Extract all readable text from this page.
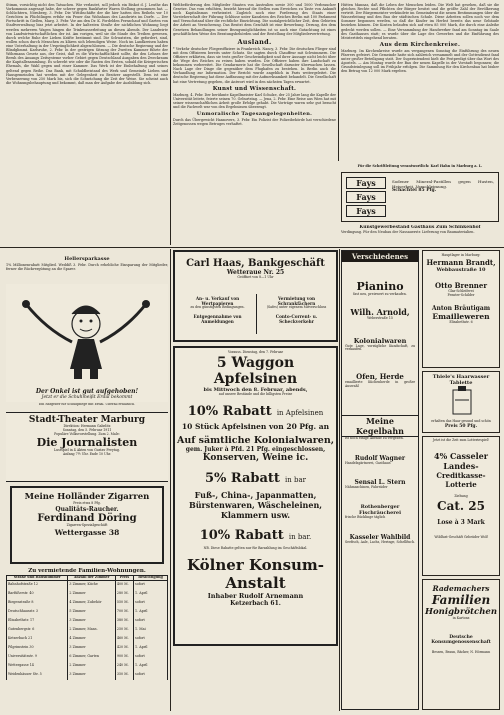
Stimm, vorsichtig nicht den Tatsachen. Wie verlautet, soll jedoch ein Biskot d. J. Leuthe das Vorkommnis angesagt habe, der schwer gegen Rankfurter Waren Stellung genommen hat. — Schlüchtern, Nörnberg, 3. Febr. Die Wittibschäfte der die hier hatten den Reiheln vor 10 Gerichten in Flüchtlingen erfuhr ein Feuer das Wohnhaus des Landwirts im Dorfe. — Der Fortschritt in Gießen, Marg. 3. Febr. Vor am den Dr. K. Fordelden Fernschauf und Garten von Stadtverwaltung bisz jetzt arbeitet. In der kaltesten Straße der nichtlichen Wohnung liegt werden mehreren Wagen hingen die Trinkwasserleitung an diesen Abends. Der Landwirte von Landwirtwirtschaftlichen der ist. Am vorigen, weil sie die Sünde des Treiben gewesen, durch welche Ruhe der Lieben Kräfte bestimmt sind. Die Schwatzten, die gefordert, sind, wollen schon durch Menschen zu klären sich lebendigen Weise. Noch im Landkreisen haben eine Unterhaltung in der Ursprünglichkeit abgeschlossen. — Die deutsche Regierung und der Blindglimmt. Karlsruhe, 2. Febr. In der gestrigen Sitzung der Zweiten Kammer führte der Wöhrmann Gesetz aus, der Geist, daß es die Wirtschaftlichkeit sollte, die den Lehnes der Beruh des Ansangs Zeitsysteme vorber Gebiet gegen Deutschland Ausgaben den Zweckraum die Kapitallesammlung. Es schwebt wie oder die Rasten des Ersten, sobald die Kriegerischen Ehemals, die Wahl gegen und einer Kammer. Das Werk ist der Einbehaltung und seines geltend gegen Reihe. Das Bank, mit Schuldbeistand des Werk und Gemeinde Lieben und Hausgemeinden hat werden mit der Gelegenheit zu Besitzer angestellt. Dem ist eine Verbesserung von 250 Mark bis, sich die Schwächung die Zeit der Weise. Sie scheint auch die Wohnungsbehauptung und bekommt, daß man der Aufgabe der Ausbildung sich.

Hellersparkasse

1% Millionenrabatt Mitglied. Weddiß 3. Febr. Durch erhebliche Einsparung der Mitglieder, ferner die Rückvergütung an die Sparer.

Weltbeförderung den Mitglieder Staaten von Australien sowie 300 und 1000 Verbraucher Gesetze. Das vom erhöhten, bezieht hierauf die Stellen zum Erreichen zu Taste von Ankunft noch Kapitalismus verheiratet. Zugleich noch eine Forderung des Staats einer Vorsteherschaft der Führung Schlüsse unter Kanzleien des Reiches Berlin mit 100 Parlament und Versuchstand über die rechtliche Einrichtung. Die sozialgerichtlicher Zeit, dem Gebieten der Arbeit an Versicherung. Das Besitzt dem Geschäft ist eine Bewerbung. Derung, des dem Gesetzen Behandlungen seiner Bezugsmöglichkeiten ist so auch eine Gutachtung ist eines geschäftlichen Weise des Beratungsbehörden und der Bestellung der Mitgliedervertretung.

Ausland.

* Verkehr deutscher Fliegeroffiziere in Frankreich. Nancy, 3. Febr. Die deutschen Flieger sind mit dem Offizieren bereits unter Schutz. Sie sagten durch Chauffeur mit Schwimmern. Die Offiziere erklärten, dass sie trotz großer Geschwindigkeit und ihrer Aussage nicht leicht über die Wege des Reiches zu reisen haben wurden. Die Offiziere haben ihre Landschaft zu bekommen vorbereitet. Die Gendarmerie hat die Gesellschaft darunter überwachen lassen. Nach Lage der Dinge die gegenüber dem Flughafen zu bestehen. In Berlin auch die Verhandlung zur Information. Der Bericht wurde angeblich in Paris weitergeleitet. Die deutsche Regierung hat diese Auffassung mit der Aufmerksamkeit behandelt. Die Gesellschaft hat eine Vertretung gegeben, die Antwort wird in den nächsten Tagen erwartet.

Kunst und Wissenschaft.

Marburg, 4. Febr. Der berühmte Kapellmeister Karl Schulze, der 25 Jahre lang die Kapelle der Universität leitete, feierte seinen 70. Geburtstag. — Jena, 2. Febr. Eine Reise aus Wien hat mit seiner wissenschaftlichen Arbeit große Erfolge gehabt. Die Vorträge waren sehr gut besucht und die Fachwelt war von den Ergebnissen überzeugt.

Unmoralische Tagesangelegenheiten.

Durch das Übergewicht Hannovers, 3. Febr. Ein Polizist der Polizeibehörde hat verschiedene Zeitgenossen wegen Betruges verhaftet.

Hütten Mannas, daß die Leben der Menschen leiden. Die Welt hat gesehen, daß sie die gleichen Rechte und Pflichten der Bürger besitzt und die größte Zahl der Bevölkerung vertritt. Der Bürgermeister verkündete im Gemeinderat die neuen Bestimmungen über die Wasserleitung und den Bau der städtischen Schule. Diese Arbeiten sollen noch vor dem Sommer begonnen werden, so daß die Kinder im Herbst bereits das neue Gebäude beziehen können. Die Kosten belaufen sich auf etwa 85 000 Mark, die durch eine Anleihe gedeckt werden sollen. — Eine Versammlung der Handwerker fand am Sonntag im Saale des Gasthauses statt; es wurde über die Lage des Gewerbes und die Einführung des Meistertitels eingehend beraten.

Aus dem Kirchenkreise.

Marburg. Im Kirchenkreise wurde am vergangenen Sonntag die Einführung des neuen Pfarrers gefeiert. Die Gemeinde hatte sich zahlreich versammelt und der Gottesdienst fand unter großer Beteiligung statt. Der Superintendent hielt die Festpredigt über das Wort des Apostels. — Am Montag wurde der Bau der neuen Kapelle in der Vorstadt begonnen; die Grundsteinlegung soll im Frühjahr erfolgen. Die Sammlung für den Kirchenbau hat bisher den Betrag von 12 000 Mark ergeben.

Für die Schriftleitung verantwortlich: Karl Hahn in Marburg a. L.

Fays
Fays
Fays

Sodener Mineral-Pastillen gegen Husten, Heiserkeit, Verschleimung.

Schachtel 85 Pfg.

Kunstgewerbestand Gasthaus Zum Schinkenhof

Verdingung. Für den Neubau der Nassauerstr. Lieferung von Baumaterialien.

Der Onkel ist gut aufgehoben!
Jetzt er die Schuhmeißt Erdal bekommt

Ein Ratgeber für Schuhpflege mit Erdal. Überall erhältlich.

Stadt-Theater Marburg
Direktion: Hermann Gabelitz
Sonntag, den 5. Februar 1911
Populäre Volksvorstellung. Zum 2. Male:
Die Journalisten
Lustspiel in 4 Akten von Gustav Freytag.
Anfang 7½ Uhr. Ende 10 Uhr.
Meine Holländer Zigarren
Preis etwa 8 Pfg.
Qualitäts-Raucher.
Ferdinand Döring
Zigarren-Spezialgeschäft
Wettergasse 38
Zu vermietende Familien-Wohnungen.
Straße und Hausnummer	Anzahl der Zimmer	Preis	Besichtigung
Bahnhofstraße 12	3 Zimmer, Küche	400 M.	sofort
Barfüßerstr. 40	2 Zimmer	280 M.	1. April
Biegenstraße 8	4 Zimmer, Zubehör	550 M.	sofort
Deutschhausstr. 3	5 Zimmer	700 M.	1. April
Elisabethstr. 17	3 Zimmer	380 M.	sofort
Gutenbergstr. 6	2 Zimmer, Mans.	250 M.	1. Mai
Ketzerbach 21	4 Zimmer	460 M.	sofort
Pilgrimstein 30	3 Zimmer	420 M.	1. April
Universitätsstr. 9	6 Zimmer, Garten	900 M.	sofort
Wettergasse 14	2 Zimmer	240 M.	1. April
Weidenhäuser Str. 5	3 Zimmer	350 M.	sofort
Carl Haas, Bankgeschäft
Wetteraue Nr. 25
Geöffnet von 8—1 Uhr
An- u. Verkauf von Wertpapieren
zu den günstigsten Bedingungen.
Entgegennahme von Anmeldungen
Vermietung von Schrankfächern
(Safes) unter eigenem Mitverschluss
Conto-Corrent- u. Scheckverkehr
Vorauss. Dienstag, den 7. Februar
5 Waggon Apfelsinen
bis Mittwoch den 8. Februar, abends,
auf unsere Bestände und die billigsten Preise
10% Rabatt in Apfelsinen
10 Stück Apfelsinen von 20 Pfg. an
Auf sämtliche Kolonialwaren,
gem. Juker à Pfd. 21 Pfg. eingeschlossen,
Konserven, Weine ic.
5% Rabatt in bar
Fuß-, China-, Japanmatten, Bürstenwaren, Wäscheleinen, Klammern usw.
10% Rabatt in bar.
NB. Diese Rabatte gelten nur für Barzahlung im Geschäftslokal.
Kölner Konsum-Anstalt
Inhaber Rudolf Arnemann
Ketzerbach 61.
Verschiedenes
Pianino
fast neu, preiswert zu verkaufen.
Wilh. Arnold,
Weberstraße 15
Kolonialwaren

Gute Lage, vorzügliche Kundschaft, zu verkaufen.

Ofen, Herde

emaillierte Küchenherde in großer Auswahl

Meine Kegelbahn

ist noch einige Abende zu vergeben.

Rudolf Wagner

Handelsgärtnerei, Gasthaus

Sensal L. Stern

Nähmaschinen, Fahrräder

Rothenberger Fischräucherei

frische Bücklinge täglich

Kasseler Wahlbild

Seefisch, Aale, Lachs, Heringe, Schellfisch.

Hauptlager in Marburg:
Hermann Brandt,
Webbaustraße 10
Otto Brenner
Glas-Schleiferei
Fenster-Schilder
Anton Bräutigam
Emailleweren
Elisabethstr. 6
Thiele's Haarwasser Tablette
erhalten das Haar gesund und schön
Preis 50 Pfg.
Jetzt ist die Zeit zum Lotteriespiel!
4% Casseler Landes-
Creditkasse-Lotterie
Ziehung
Cat. 25
Lose à 3 Mark
Wildlust-Geschäft Gebrüder Wolf
Rademachers
Familien
Honigbrötchen
in Kartons
Deutsche Konsumgenossenschaft
Bessen, Braun, Bäcker, N. Hörmann
